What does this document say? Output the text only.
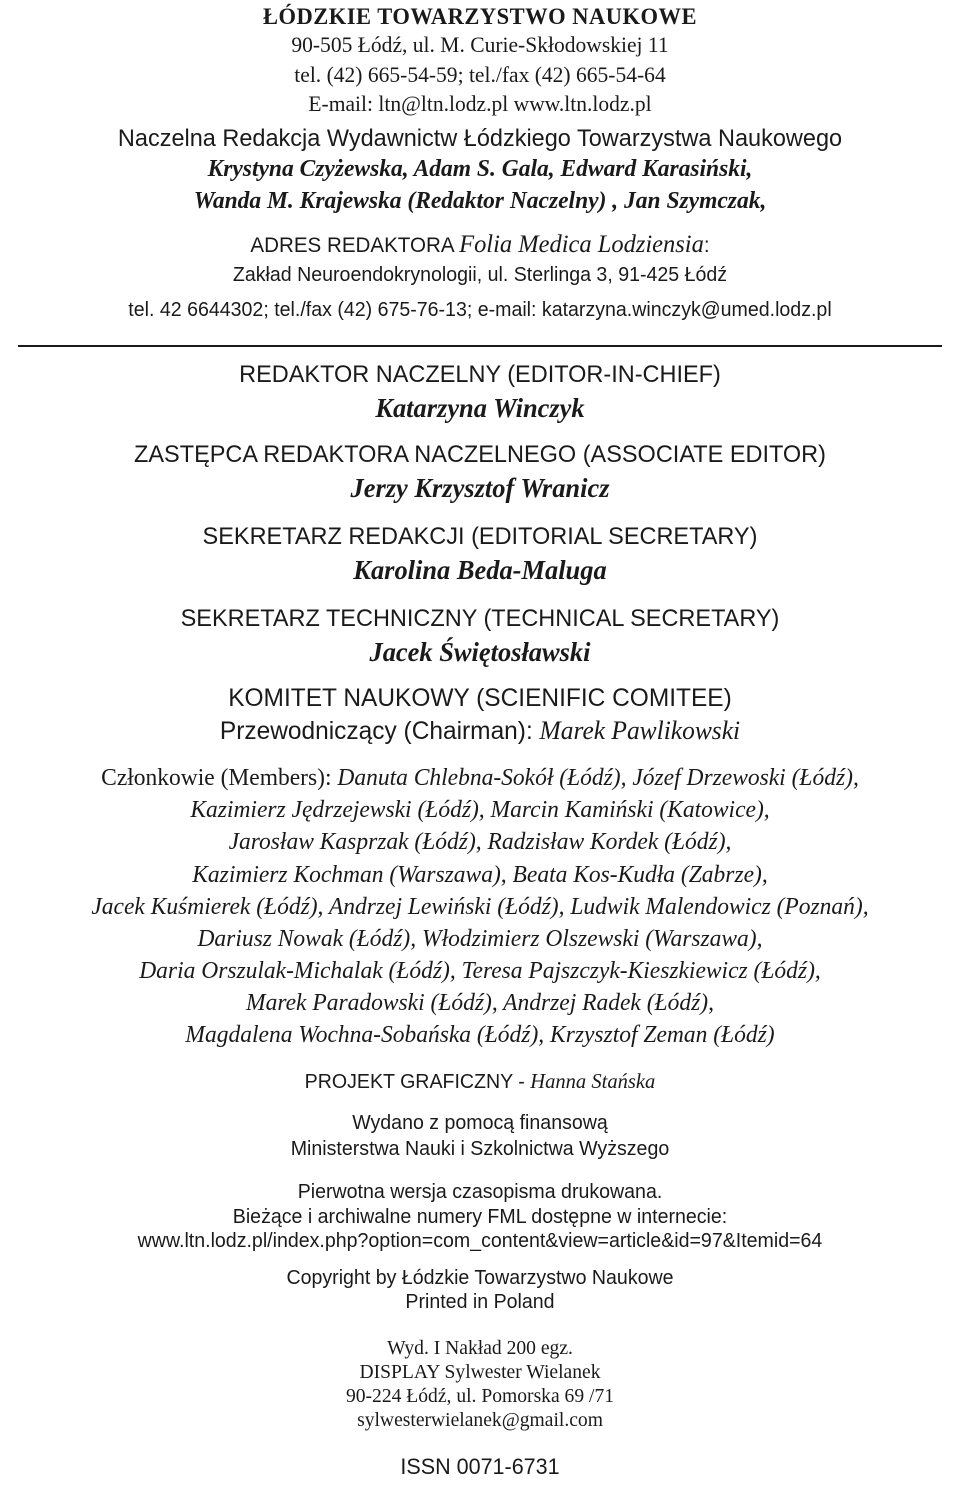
ŁÓDZKIE TOWARZYSTWO NAUKOWE
90-505 Łódź, ul. M. Curie-Skłodowskiej 11
tel. (42) 665-54-59; tel./fax (42) 665-54-64
E-mail: ltn@ltn.lodz.pl www.ltn.lodz.pl
Naczelna Redakcja Wydawnictw Łódzkiego Towarzystwa Naukowego
Krystyna Czyżewska, Adam S. Gala, Edward Karasiński,
Wanda M. Krajewska (Redaktor Naczelny) , Jan Szymczak,
ADRES REDAKTORA Folia Medica Lodziensia:
Zakład Neuroendokrynologii, ul. Sterlinga 3, 91-425 Łódź
tel. 42 6644302; tel./fax (42) 675-76-13; e-mail: katarzyna.winczyk@umed.lodz.pl
REDAKTOR NACZELNY (EDITOR-IN-CHIEF)
Katarzyna Winczyk
ZASTĘPCA REDAKTORA NACZELNEGO (ASSOCIATE EDITOR)
Jerzy Krzysztof Wranicz
SEKRETARZ REDAKCJI (EDITORIAL SECRETARY)
Karolina Beda-Maluga
SEKRETARZ TECHNICZNY (TECHNICAL SECRETARY)
Jacek Świętosławski
KOMITET NAUKOWY (SCIENIFIC COMITEE)
Przewodniczący (Chairman): Marek Pawlikowski
Członkowie (Members): Danuta Chlebna-Sokół (Łódź), Józef Drzewoski (Łódź),
Kazimierz Jędrzejewski (Łódź), Marcin Kamiński (Katowice),
Jarosław Kasprzak (Łódź), Radzisław Kordek (Łódź),
Kazimierz Kochman (Warszawa), Beata Kos-Kudła (Zabrze),
Jacek Kuśmierek (Łódź), Andrzej Lewiński (Łódź), Ludwik Malendowicz (Poznań),
Dariusz Nowak (Łódź), Włodzimierz Olszewski (Warszawa),
Daria Orszulak-Michalak (Łódź), Teresa Pajszczyk-Kieszkiewicz (Łódź),
Marek Paradowski (Łódź), Andrzej Radek (Łódź),
Magdalena Wochna-Sobańska (Łódź), Krzysztof Zeman (Łódź)
PROJEKT GRAFICZNY - Hanna Stańska
Wydano z pomocą finansową
Ministerstwa Nauki i Szkolnictwa Wyższego
Pierwotna wersja czasopisma drukowana.
Bieżące i archiwalne numery FML dostępne w internecie:
www.ltn.lodz.pl/index.php?option=com_content&view=article&id=97&Itemid=64
Copyright by Łódzkie Towarzystwo Naukowe
Printed in Poland
Wyd. I Nakład 200 egz.
DISPLAY Sylwester Wielanek
90-224 Łódź, ul. Pomorska 69 /71
sylwesterwielanek@gmail.com
ISSN 0071-6731
